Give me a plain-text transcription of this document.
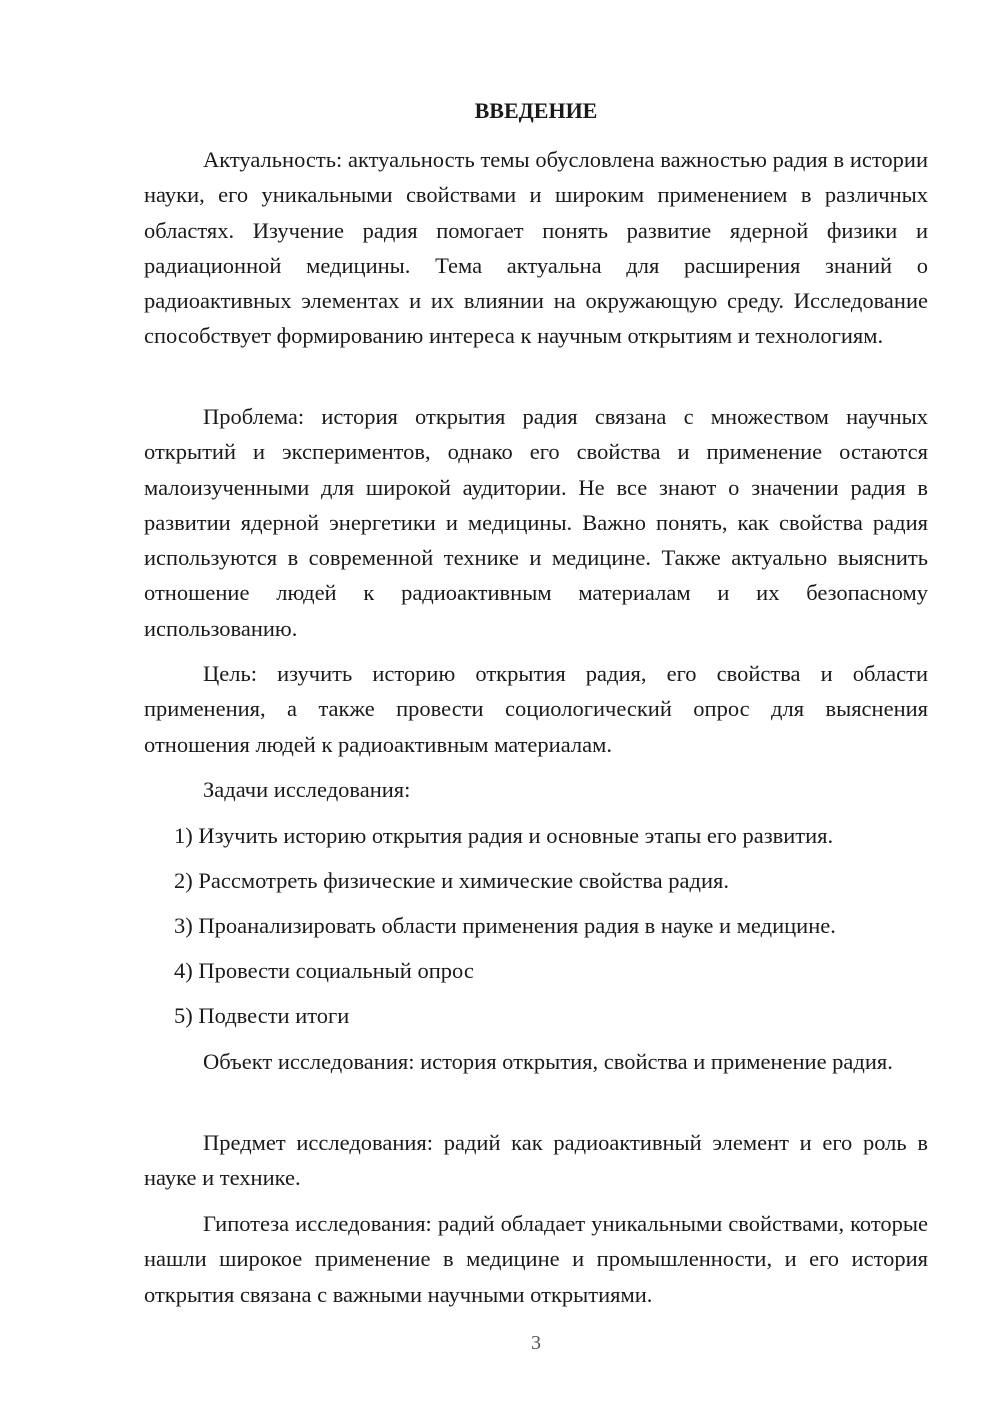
ВВЕДЕНИЕ

Актуальность: актуальность темы обусловлена важностью радия в истории науки, его уникальными свойствами и широким применением в различных областях. Изучение радия помогает понять развитие ядерной физики и радиационной медицины. Тема актуальна для расширения знаний о радиоактивных элементах и их влиянии на окружающую среду. Исследование способствует формированию интереса к научным открытиям и технологиям.

Проблема: история открытия радия связана с множеством научных открытий и экспериментов, однако его свойства и применение остаются малоизученными для широкой аудитории. Не все знают о значении радия в развитии ядерной энергетики и медицины. Важно понять, как свойства радия используются в современной технике и медицине. Также актуально выяснить отношение людей к радиоактивным материалам и их безопасному использованию.

Цель: изучить историю открытия радия, его свойства и области применения, а также провести социологический опрос для выяснения отношения людей к радиоактивным материалам.

Задачи исследования:

1) Изучить историю открытия радия и основные этапы его развития.
2) Рассмотреть физические и химические свойства радия.
3) Проанализировать области применения радия в науке и медицине.
4) Провести социальный опрос
5) Подвести итоги

Объект исследования: история открытия, свойства и применение радия.

Предмет исследования: радий как радиоактивный элемент и его роль в науке и технике.

Гипотеза исследования: радий обладает уникальными свойствами, которые нашли широкое применение в медицине и промышленности, и его история открытия связана с важными научными открытиями.

3
